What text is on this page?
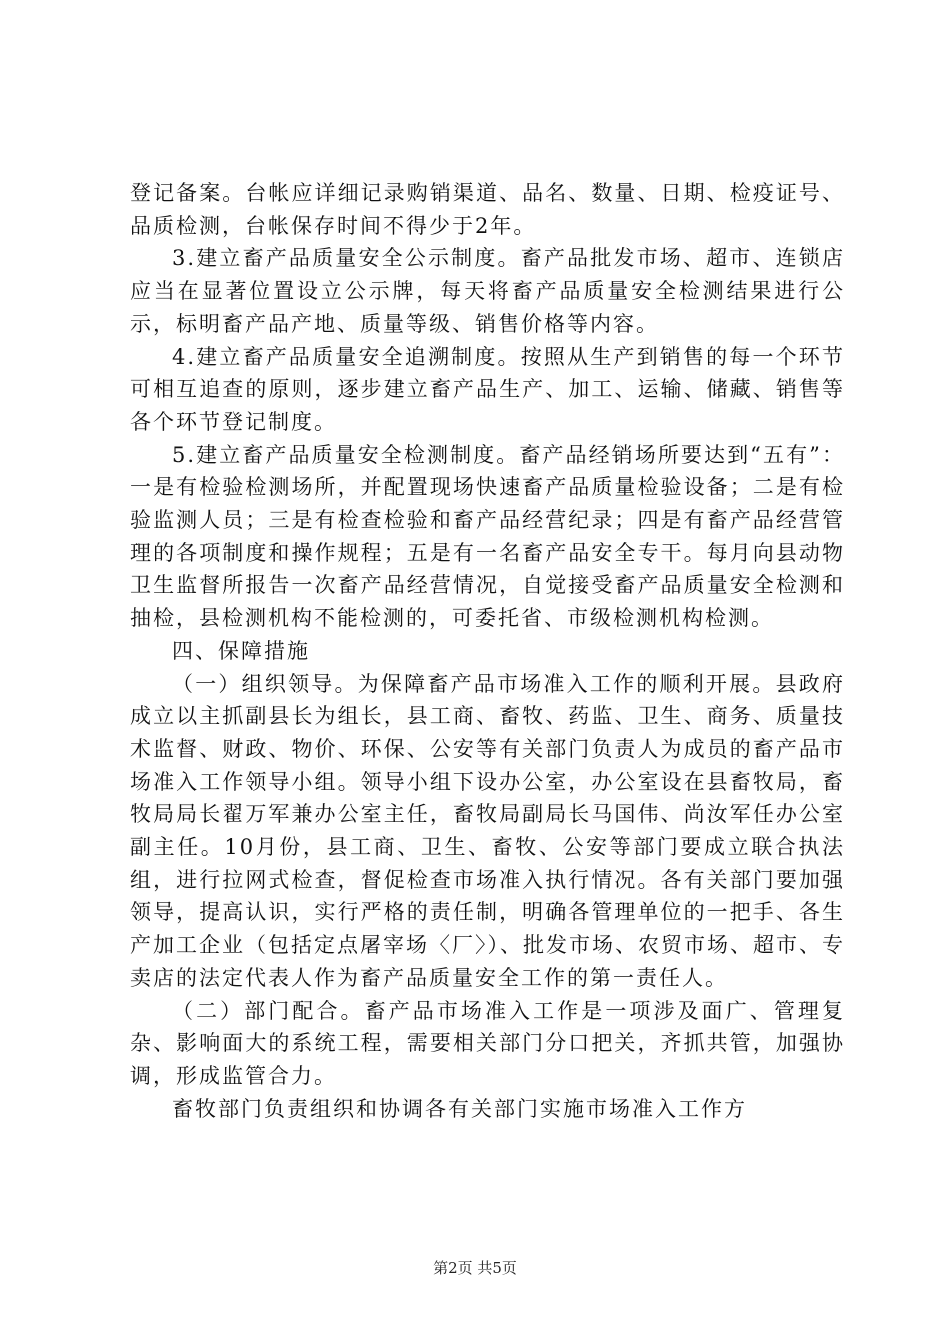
登记备案。台帐应详细记录购销渠道、品名、数量、日期、检疫证号、品质检测，台帐保存时间不得少于2年。

3.建立畜产品质量安全公示制度。畜产品批发市场、超市、连锁店应当在显著位置设立公示牌，每天将畜产品质量安全检测结果进行公示，标明畜产品产地、质量等级、销售价格等内容。

4.建立畜产品质量安全追溯制度。按照从生产到销售的每一个环节可相互追查的原则，逐步建立畜产品生产、加工、运输、储藏、销售等各个环节登记制度。

5.建立畜产品质量安全检测制度。畜产品经销场所要达到“五有”：一是有检验检测场所，并配置现场快速畜产品质量检验设备；二是有检验监测人员；三是有检查检验和畜产品经营纪录；四是有畜产品经营管理的各项制度和操作规程；五是有一名畜产品安全专干。每月向县动物卫生监督所报告一次畜产品经营情况，自觉接受畜产品质量安全检测和抽检，县检测机构不能检测的，可委托省、市级检测机构检测。

四、保障措施

（一）组织领导。为保障畜产品市场准入工作的顺利开展。县政府成立以主抓副县长为组长，县工商、畜牧、药监、卫生、商务、质量技术监督、财政、物价、环保、公安等有关部门负责人为成员的畜产品市场准入工作领导小组。领导小组下设办公室，办公室设在县畜牧局，畜牧局局长翟万军兼办公室主任，畜牧局副局长马国伟、尚汝军任办公室副主任。10月份，县工商、卫生、畜牧、公安等部门要成立联合执法组，进行拉网式检查，督促检查市场准入执行情况。各有关部门要加强领导，提高认识，实行严格的责任制，明确各管理单位的一把手、各生产加工企业（包括定点屠宰场〈厂〉）、批发市场、农贸市场、超市、专卖店的法定代表人作为畜产品质量安全工作的第一责任人。

（二）部门配合。畜产品市场准入工作是一项涉及面广、管理复杂、影响面大的系统工程，需要相关部门分口把关，齐抓共管，加强协调，形成监管合力。

畜牧部门负责组织和协调各有关部门实施市场准入工作方

第2页 共5页
